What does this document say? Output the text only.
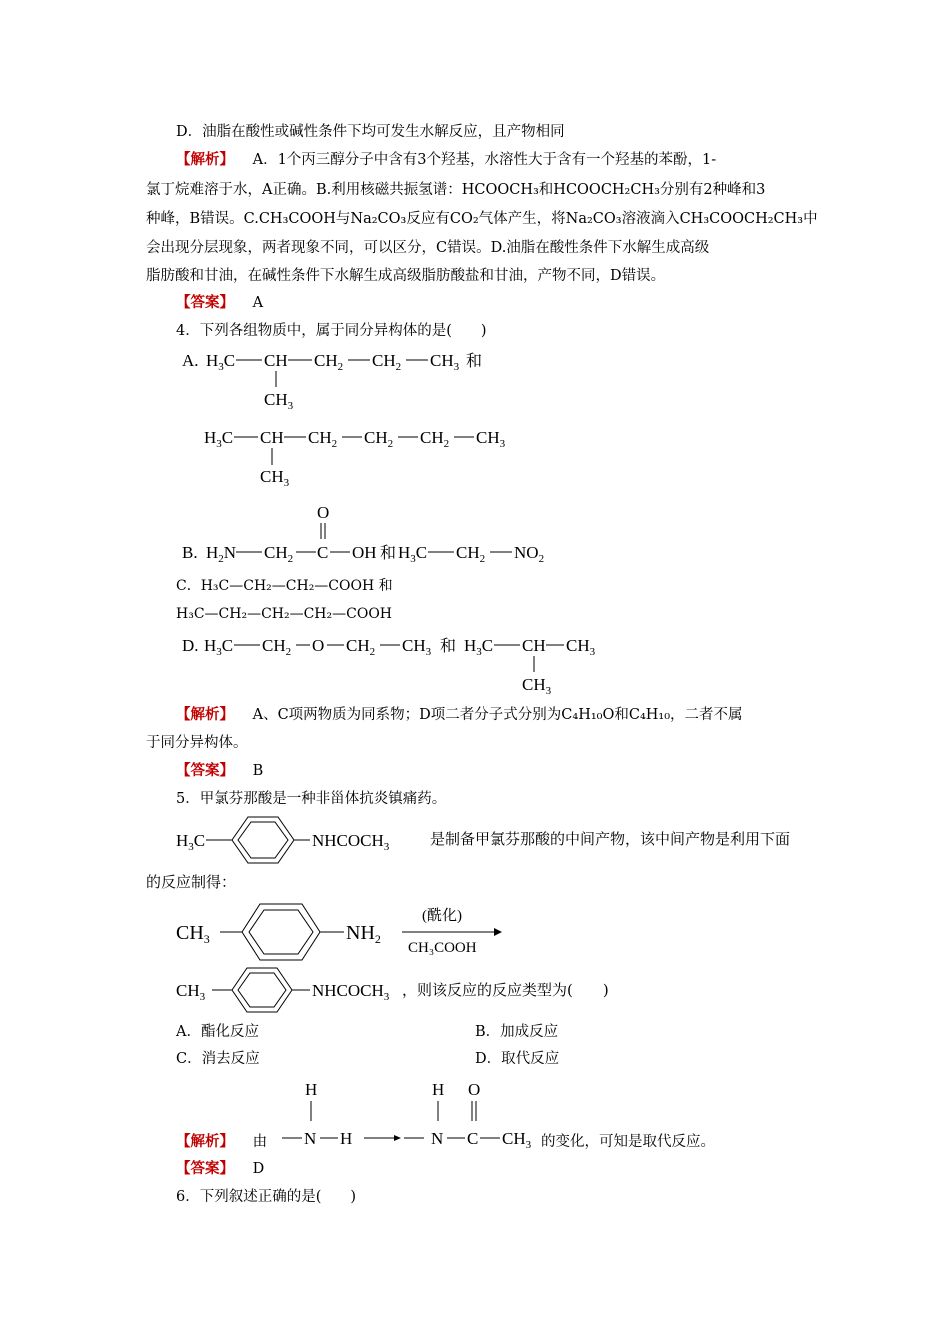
D．油脂在酸性或碱性条件下均可发生水解反应，且产物相同
【解析】 A．1个丙三醇分子中含有3个羟基，水溶性大于含有一个羟基的苯酚，1-
氯丁烷难溶于水，A正确。B.利用核磁共振氢谱：HCOOCH₃和HCOOCH₂CH₃分别有2种峰和3
种峰，B错误。C.CH₃COOH与Na₂CO₃反应有CO₂气体产生，将Na₂CO₃溶液滴入CH₃COOCH₂CH₃中
会出现分层现象，两者现象不同，可以区分，C错误。D.油脂在酸性条件下水解生成高级
脂肪酸和甘油，在碱性条件下水解生成高级脂肪酸盐和甘油，产物不同，D错误。
【答案】 A
4．下列各组物质中，属于同分异构体的是(　　)
A. $H_3C$ CH $CH_2$ $CH_2$ $CH_3$ 和
$CH_3$
$H_3C$ CH $CH_2$ $CH_2$ $CH_2$ $CH_3$
$CH_3$
O
B. $H_2N$ $CH_2$ C OH 和 $H_3C$ $CH_2$ $NO_2$
C．H₃C—CH₂—CH₂—COOH 和
H₃C—CH₂—CH₂—CH₂—COOH
D. $H_3C$ $CH_2$ O $CH_2$ $CH_3$ 和 $H_3C$ CH $CH_3$
$CH_3$
【解析】 A、C项两物质为同系物；D项二者分子式分别为C₄H₁₀O和C₄H₁₀，二者不属
于同分异构体。
【答案】 B
5．甲氯芬那酸是一种非甾体抗炎镇痛药。
$H_3C$	$NHCOCH_3$	是制备甲氯芬那酸的中间产物，该中间产物是利用下面
的反应制得：
$CH_3$	$NH_2$
(酰化)
CH₃COOH
$CH_3$	$NHCOCH_3$ ，则该反应的反应类型为(　　)
A．酯化反应	B．加成反应
C．消去反应	D．取代反应
【解析】 由
H
N H
H
N
O
C $CH_3$ 的变化，可知是取代反应。
【答案】 D
6．下列叙述正确的是(　　)
